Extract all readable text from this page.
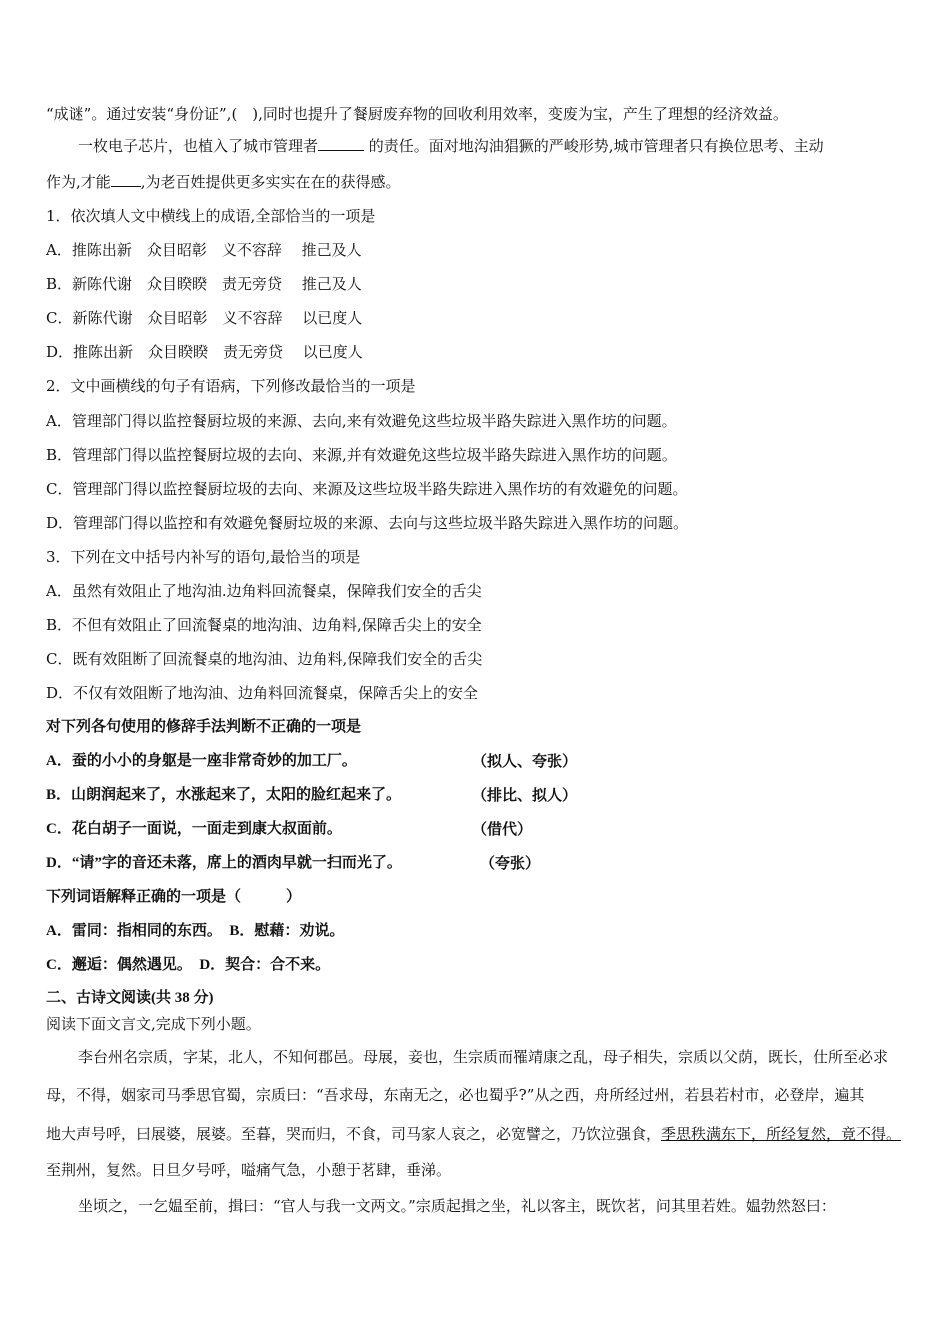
“成谜”。通过安装“身份证”,(　),同时也提升了餐厨废弃物的回收利用效率，变废为宝，产生了理想的经济效益。
一枚电子芯片，也植入了城市管理者	的责任。面对地沟油猖獗的严峻形势,城市管理者只有换位思考、主动
作为,才能 ,为老百姓提供更多实实在在的获得感。
1．依次填人文中横线上的成语,全部恰当的一项是
A．推陈出新　众目昭彰　义不容辞　 推己及人
B．新陈代谢　众目睽睽　责无旁贷　 推己及人
C．新陈代谢　众目昭彰　义不容辞　 以已度人
D．推陈出新　众目睽睽　责无旁贷　 以已度人
2．文中画横线的句子有语病，下列修改最恰当的一项是
A．管理部门得以监控餐厨垃圾的来源、去向,来有效避免这些垃圾半路失踪进入黑作坊的问题。
B．管理部门得以监控餐厨垃圾的去向、来源,并有效避免这些垃圾半路失踪进入黑作坊的问题。
C．管理部门得以监控餐厨垃圾的去向、来源及这些垃圾半路失踪进入黑作坊的有效避免的问题。
D．管理部门得以监控和有效避免餐厨垃圾的来源、去向与这些垃圾半路失踪进入黑作坊的问题。
3．下列在文中括号内补写的语句,最恰当的项是
A．虽然有效阻止了地沟油.边角料回流餐桌，保障我们安全的舌尖
B．不但有效阻止了回流餐桌的地沟油、边角料,保障舌尖上的安全
C．既有效阻断了回流餐桌的地沟油、边角料,保障我们安全的舌尖
D．不仅有效阻断了地沟油、边角料回流餐桌，保障舌尖上的安全
对下列各句使用的修辞手法判断不正确的一项是
A．蚕的小小的身躯是一座非常奇妙的加工厂。	（拟人、夸张）
B．山朗润起来了，水涨起来了，太阳的脸红起来了。	（排比、拟人）
C．花白胡子一面说，一面走到康大叔面前。	（借代）
D．“请”字的音还未落，席上的酒肉早就一扫而光了。	（夸张）
下列词语解释正确的一项是（　　　）
A．雷同：指相同的东西。　B．慰藉：劝说。
C．邂逅：偶然遇见。　D．契合：合不来。
二、古诗文阅读(共 38 分)
阅读下面文言文,完成下列小题。
李台州名宗质，字某，北人，不知何郡邑。母展，妾也，生宗质而罹靖康之乱，母子相失，宗质以父荫，既长，仕所至必求
母，不得，姻家司马季思官蜀，宗质曰：“吾求母，东南无之，必也蜀乎?”从之西，舟所经过州，若县若村市，必登岸，遍其
地大声号呼，曰展婆，展婆。至暮，哭而归，不食，司马家人哀之，必宽譬之，乃饮泣强食，季思秩满东下，所经复然，竟不得。
至荆州，复然。日旦夕号呼，嗌痛气急，小憩于茗肆，垂涕。
坐顷之，一乞媪至前，揖曰：“官人与我一文两文。”宗质起揖之坐，礼以客主，既饮茗，问其里若姓。媪勃然怒曰：
